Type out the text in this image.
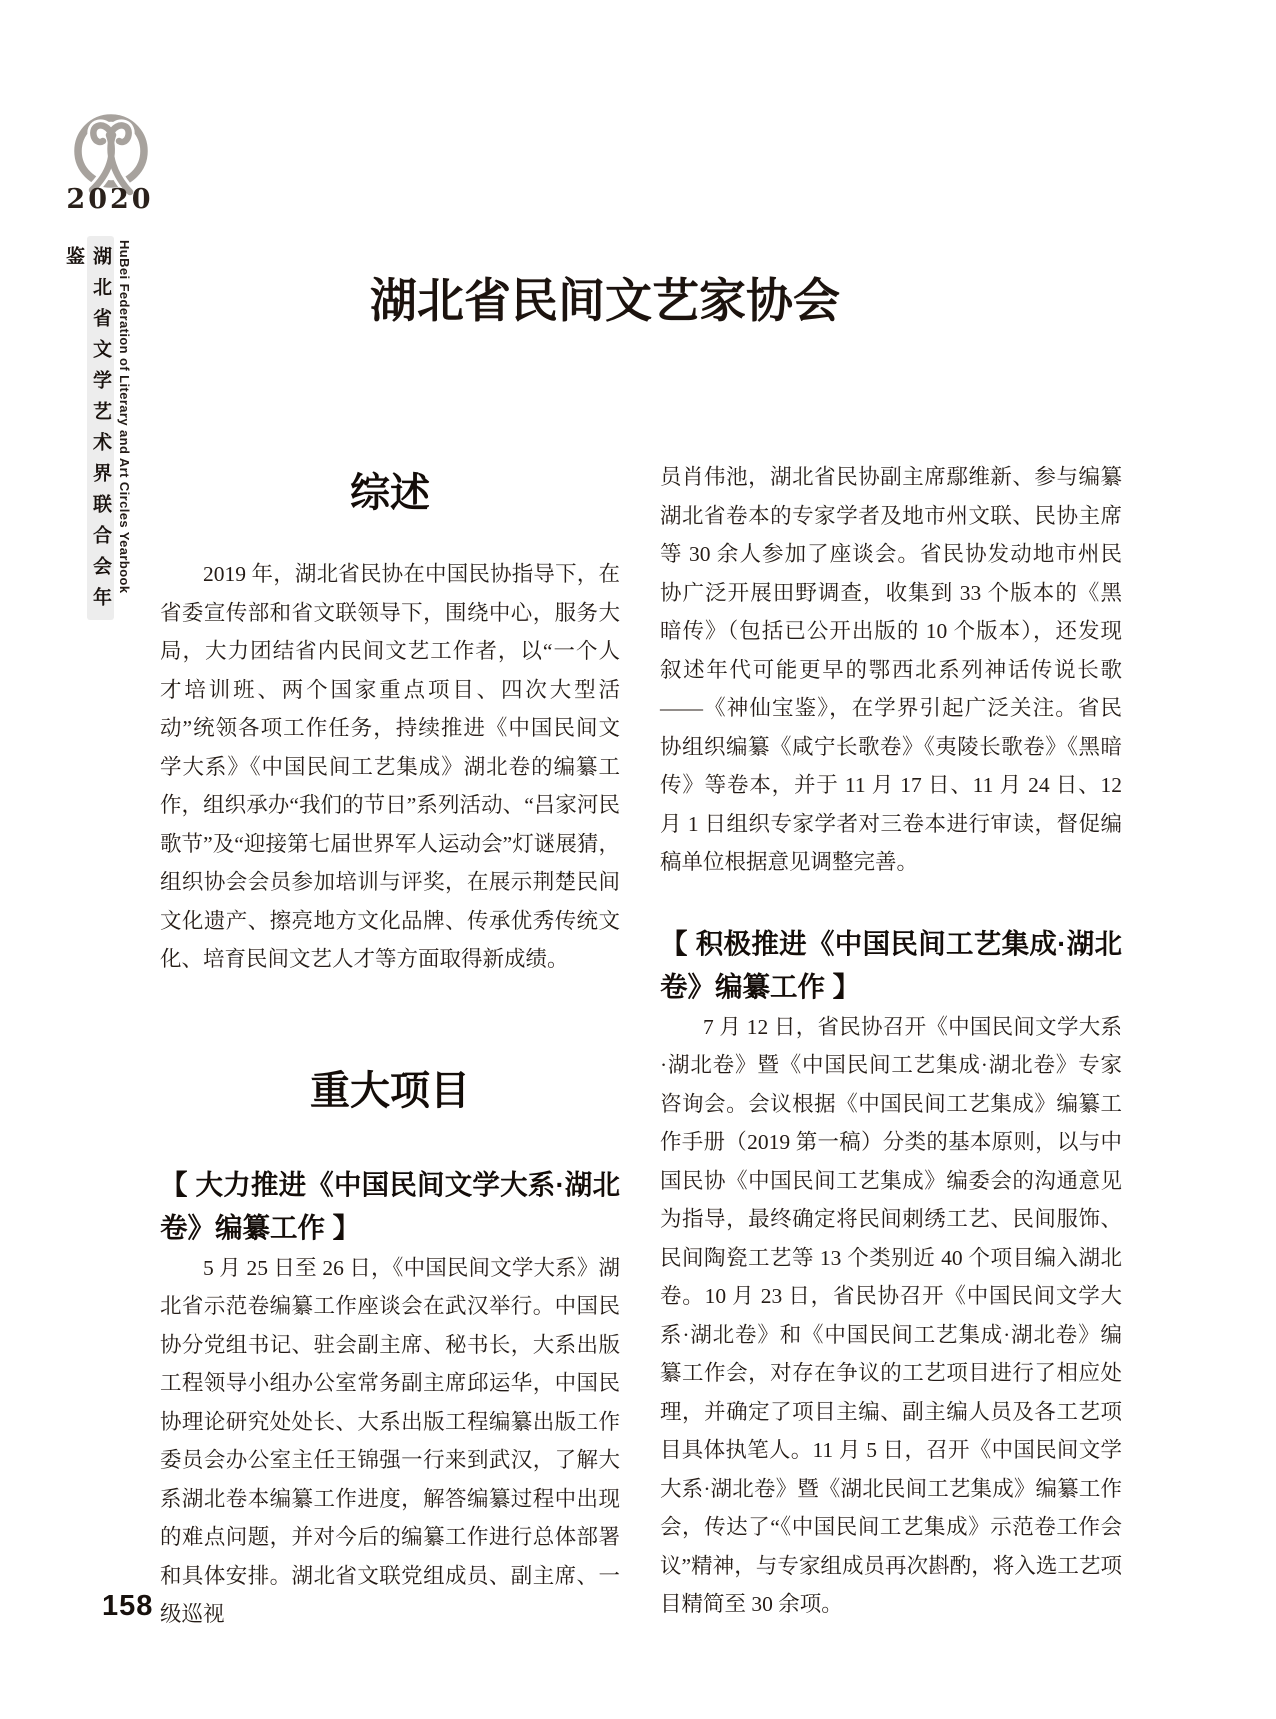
2020
湖北省文学艺术界联合会年鉴	HuBei Federation of Literary and Art Circles Yearbook
158
湖北省民间文艺家协会
综述

2019 年，湖北省民协在中国民协指导下，在省委宣传部和省文联领导下，围绕中心，服务大局，大力团结省内民间文艺工作者，以“一个人才培训班、两个国家重点项目、四次大型活动”统领各项工作任务，持续推进《中国民间文学大系》《中国民间工艺集成》湖北卷的编纂工作，组织承办“我们的节日”系列活动、“吕家河民歌节”及“迎接第七届世界军人运动会”灯谜展猜，组织协会会员参加培训与评奖，在展示荆楚民间文化遗产、擦亮地方文化品牌、传承优秀传统文化、培育民间文艺人才等方面取得新成绩。

重大项目
【 大力推进《中国民间文学大系·湖北卷》编纂工作 】

5 月 25 日至 26 日，《中国民间文学大系》湖北省示范卷编纂工作座谈会在武汉举行。中国民协分党组书记、驻会副主席、秘书长，大系出版工程领导小组办公室常务副主席邱运华，中国民协理论研究处处长、大系出版工程编纂出版工作委员会办公室主任王锦强一行来到武汉，了解大系湖北卷本编纂工作进度，解答编纂过程中出现的难点问题，并对今后的编纂工作进行总体部署和具体安排。湖北省文联党组成员、副主席、一级巡视

员肖伟池，湖北省民协副主席鄢维新、参与编纂湖北省卷本的专家学者及地市州文联、民协主席等 30 余人参加了座谈会。省民协发动地市州民协广泛开展田野调查，收集到 33 个版本的《黑暗传》（包括已公开出版的 10 个版本），还发现叙述年代可能更早的鄂西北系列神话传说长歌——《神仙宝鉴》，在学界引起广泛关注。省民协组织编纂《咸宁长歌卷》《夷陵长歌卷》《黑暗传》等卷本，并于 11 月 17 日、11 月 24 日、12 月 1 日组织专家学者对三卷本进行审读，督促编稿单位根据意见调整完善。

【 积极推进《中国民间工艺集成·湖北卷》编纂工作 】

7 月 12 日，省民协召开《中国民间文学大系·湖北卷》暨《中国民间工艺集成·湖北卷》专家咨询会。会议根据《中国民间工艺集成》编纂工作手册（2019 第一稿）分类的基本原则，以与中国民协《中国民间工艺集成》编委会的沟通意见为指导，最终确定将民间刺绣工艺、民间服饰、民间陶瓷工艺等 13 个类别近 40 个项目编入湖北卷。10 月 23 日，省民协召开《中国民间文学大系·湖北卷》和《中国民间工艺集成·湖北卷》编纂工作会，对存在争议的工艺项目进行了相应处理，并确定了项目主编、副主编人员及各工艺项目具体执笔人。11 月 5 日，召开《中国民间文学大系·湖北卷》暨《湖北民间工艺集成》编纂工作会，传达了“《中国民间工艺集成》示范卷工作会议”精神，与专家组成员再次斟酌，将入选工艺项目精简至 30 余项。
